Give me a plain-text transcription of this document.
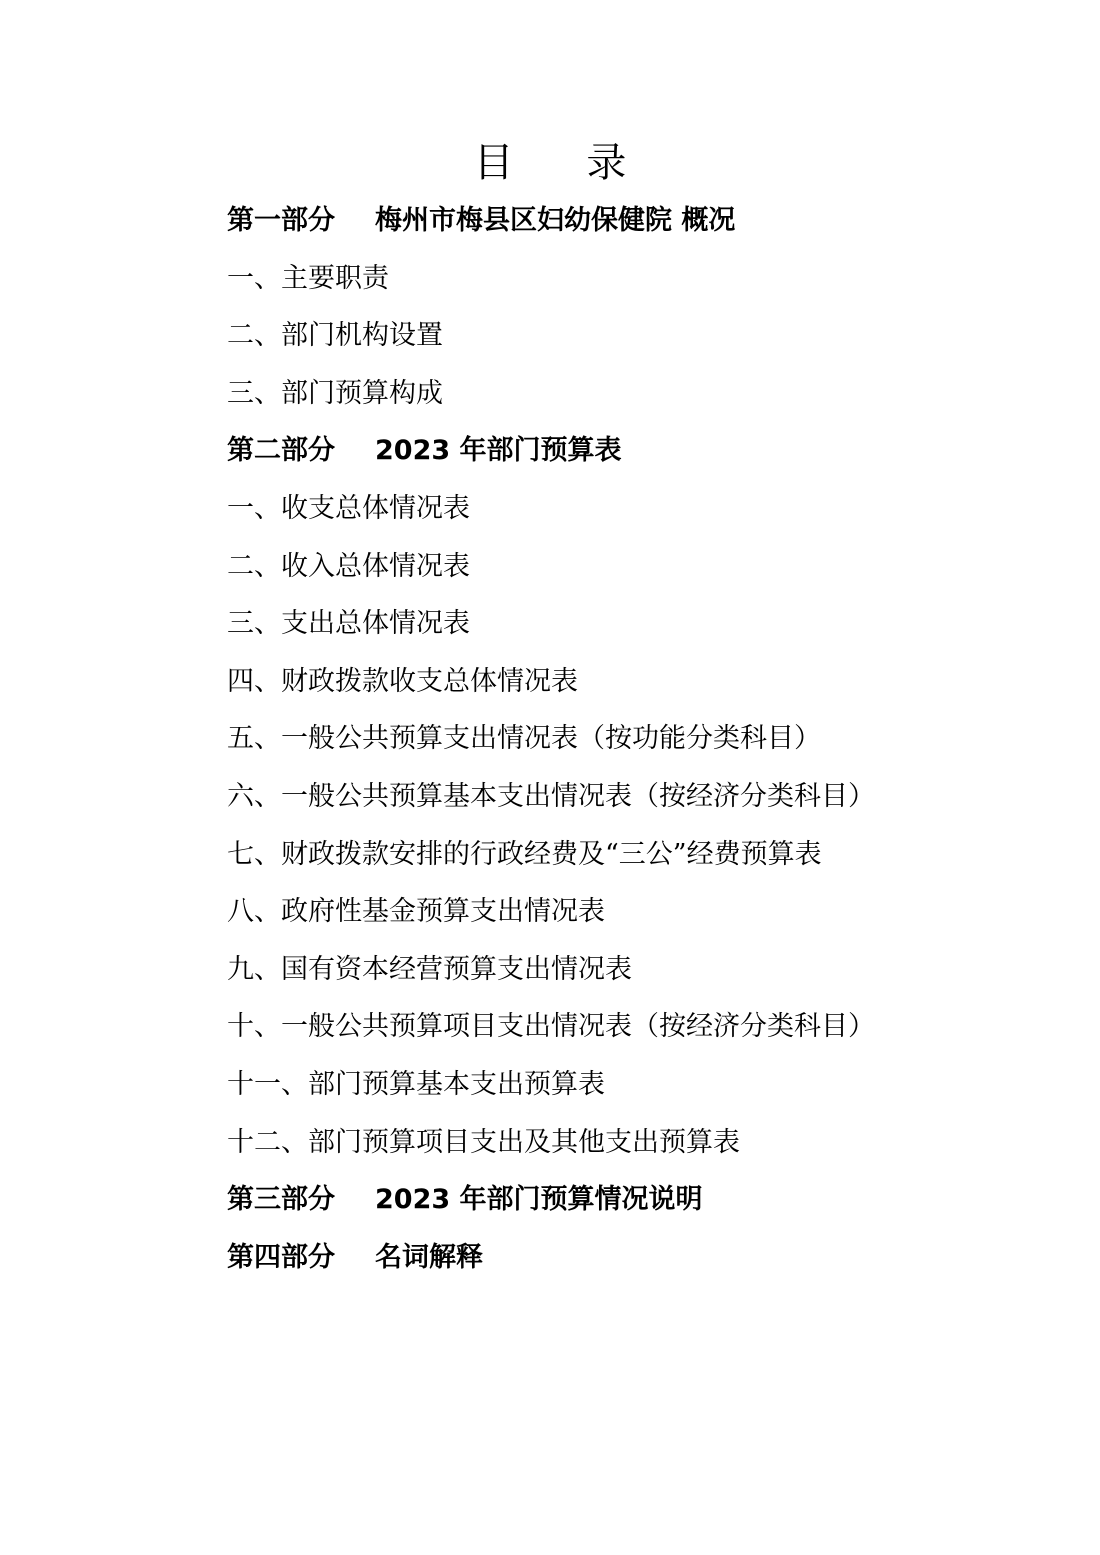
目 录
第一部分	梅州市梅县区妇幼保健院 概况
一、主要职责
二、部门机构设置
三、部门预算构成
第二部分	2023 年部门预算表
一、收支总体情况表
二、收入总体情况表
三、支出总体情况表
四、财政拨款收支总体情况表
五、一般公共预算支出情况表（按功能分类科目）
六、一般公共预算基本支出情况表（按经济分类科目）
七、财政拨款安排的行政经费及“三公”经费预算表
八、政府性基金预算支出情况表
九、国有资本经营预算支出情况表
十、一般公共预算项目支出情况表（按经济分类科目）
十一、部门预算基本支出预算表
十二、部门预算项目支出及其他支出预算表
第三部分	2023 年部门预算情况说明
第四部分	名词解释
